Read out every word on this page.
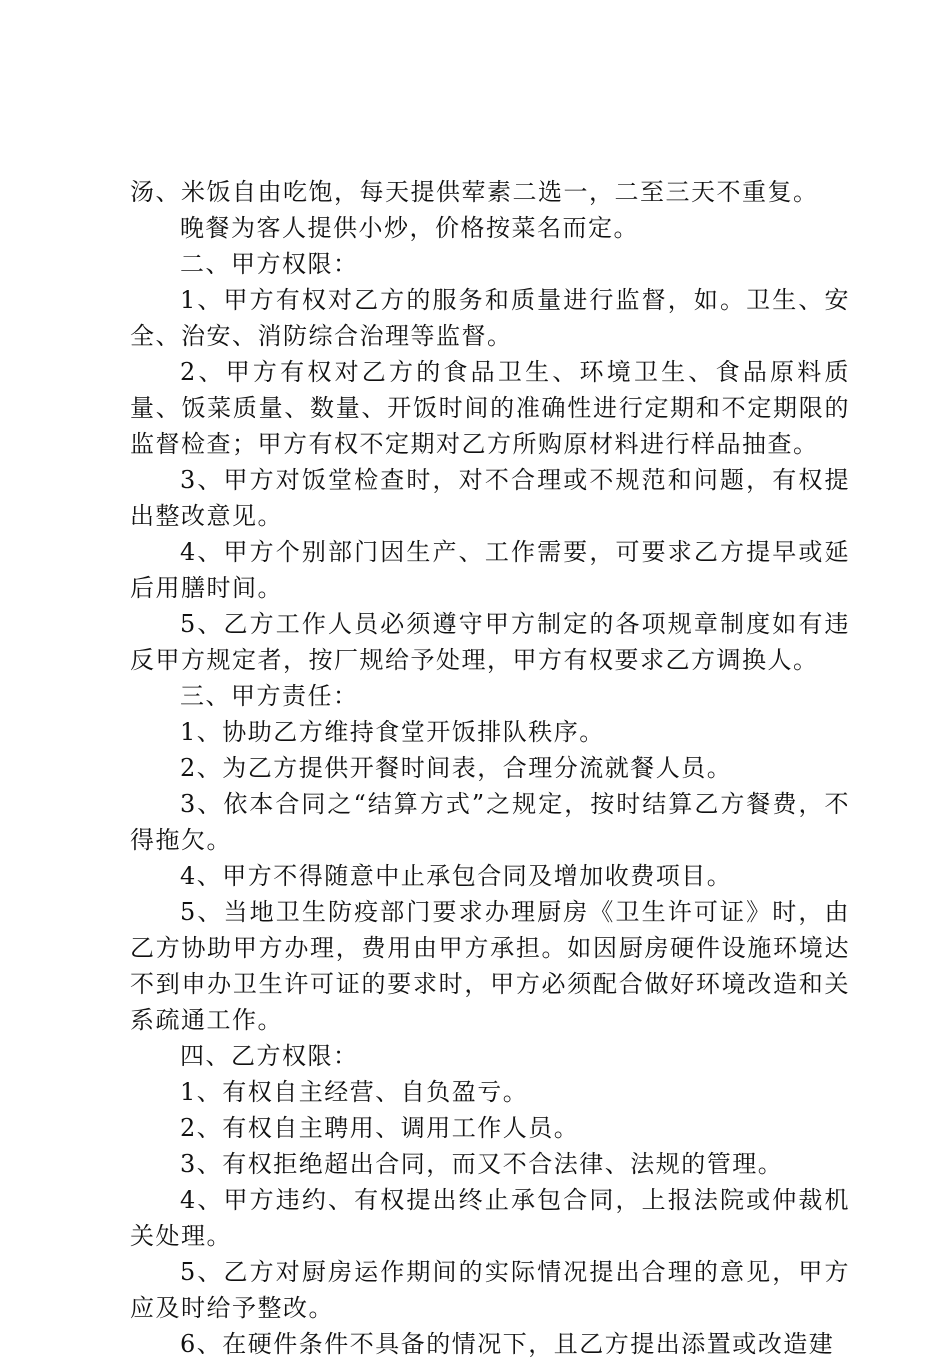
汤、米饭自由吃饱，每天提供荤素二选一，二至三天不重复。

晚餐为客人提供小炒，价格按菜名而定。

二、甲方权限：

1、甲方有权对乙方的服务和质量进行监督，如。卫生、安全、治安、消防综合治理等监督。

2、甲方有权对乙方的食品卫生、环境卫生、食品原料质量、饭菜质量、数量、开饭时间的准确性进行定期和不定期限的监督检查；甲方有权不定期对乙方所购原材料进行样品抽查。

3、甲方对饭堂检查时，对不合理或不规范和问题，有权提出整改意见。

4、甲方个别部门因生产、工作需要，可要求乙方提早或延后用膳时间。

5、乙方工作人员必须遵守甲方制定的各项规章制度如有违反甲方规定者，按厂规给予处理，甲方有权要求乙方调换人。

三、甲方责任：

1、协助乙方维持食堂开饭排队秩序。

2、为乙方提供开餐时间表，合理分流就餐人员。

3、依本合同之“结算方式”之规定，按时结算乙方餐费，不得拖欠。

4、甲方不得随意中止承包合同及增加收费项目。

5、当地卫生防疫部门要求办理厨房《卫生许可证》时，由乙方协助甲方办理，费用由甲方承担。如因厨房硬件设施环境达不到申办卫生许可证的要求时，甲方必须配合做好环境改造和关系疏通工作。

四、乙方权限：

1、有权自主经营、自负盈亏。

2、有权自主聘用、调用工作人员。

3、有权拒绝超出合同，而又不合法律、法规的管理。

4、甲方违约、有权提出终止承包合同，上报法院或仲裁机关处理。

5、乙方对厨房运作期间的实际情况提出合理的意见，甲方应及时给予整改。

6、在硬件条件不具备的情况下，且乙方提出添置或改造建
